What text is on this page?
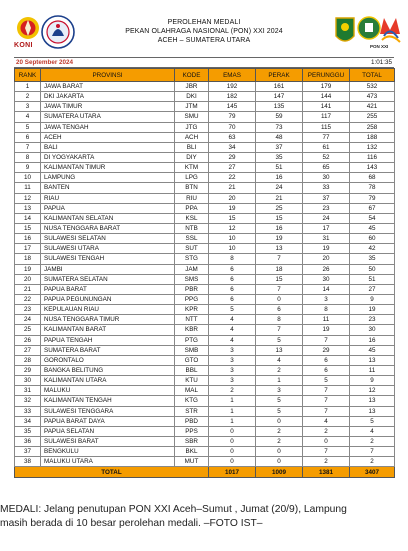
KONI
PEROLEHAN MEDALI
PEKAN OLAHRAGA NASIONAL (PON) XXI 2024
ACEH – SUMATERA UTARA
PON XXI
20 September 2024	1:01:35
RANK	PROVINSI	KODE	EMAS	PERAK	PERUNGGU	TOTAL
1	JAWA BARAT	JBR	192	161	179	532
2	DKI JAKARTA	DKI	182	147	144	473
3	JAWA TIMUR	JTM	145	135	141	421
4	SUMATERA UTARA	SMU	79	59	117	255
5	JAWA TENGAH	JTG	70	73	115	258
6	ACEH	ACH	63	48	77	188
7	BALI	BLI	34	37	61	132
8	DI YOGYAKARTA	DIY	29	35	52	116
9	KALIMANTAN TIMUR	KTM	27	51	65	143
10	LAMPUNG	LPG	22	16	30	68
11	BANTEN	BTN	21	24	33	78
12	RIAU	RIU	20	21	37	79
13	PAPUA	PPA	19	25	23	67
14	KALIMANTAN SELATAN	KSL	15	15	24	54
15	NUSA TENGGARA BARAT	NTB	12	16	17	45
16	SULAWESI SELATAN	SSL	10	19	31	60
17	SULAWESI UTARA	SUT	10	13	19	42
18	SULAWESI TENGAH	STG	8	7	20	35
19	JAMBI	JAM	6	18	26	50
20	SUMATERA SELATAN	SMS	6	15	30	51
21	PAPUA BARAT	PBR	6	7	14	27
22	PAPUA PEGUNUNGAN	PPG	6	0	3	9
23	KEPULAUAN RIAU	KPR	5	6	8	19
24	NUSA TENGGARA TIMUR	NTT	4	8	11	23
25	KALIMANTAN BARAT	KBR	4	7	19	30
26	PAPUA TENGAH	PTG	4	5	7	16
27	SUMATERA BARAT	SMB	3	13	29	45
28	GORONTALO	GTO	3	4	6	13
29	BANGKA BELITUNG	BBL	3	2	6	11
30	KALIMANTAN UTARA	KTU	3	1	5	9
31	MALUKU	MAL	2	3	7	12
32	KALIMANTAN TENGAH	KTG	1	5	7	13
33	SULAWESI TENGGARA	STR	1	5	7	13
34	PAPUA BARAT DAYA	PBD	1	0	4	5
35	PAPUA SELATAN	PPS	0	2	2	4
36	SULAWESI BARAT	SBR	0	2	0	2
37	BENGKULU	BKL	0	0	7	7
38	MALUKU UTARA	MUT	0	0	2	2
TOTAL			1017	1009	1381	3407
MEDALI: Jelang penutupan PON XXI Aceh–Sumut , Jumat (20/9), Lampung
masih berada di 10 besar perolehan medali. –FOTO IST–
